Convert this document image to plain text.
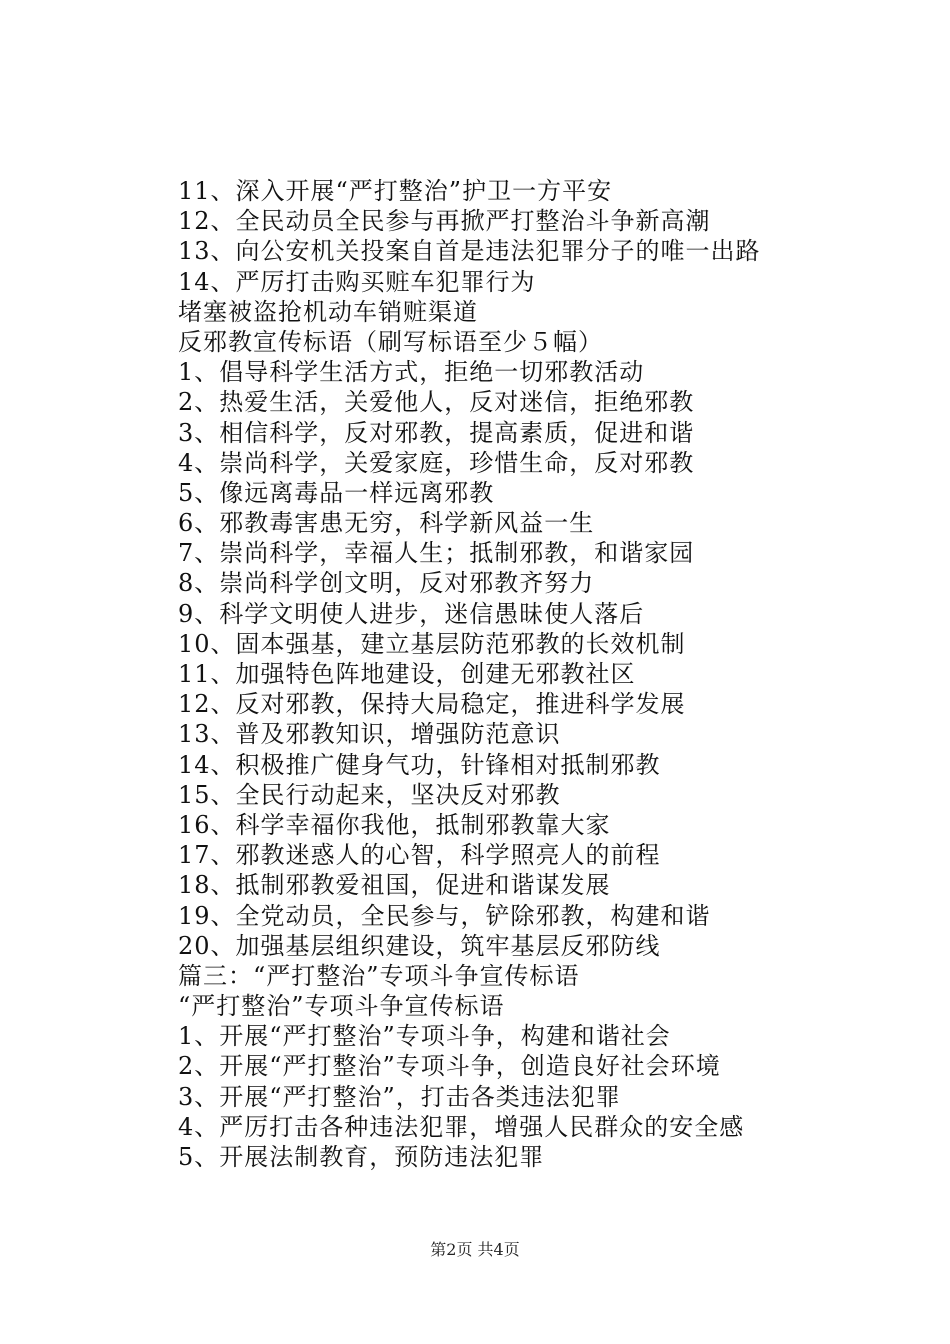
11、深入开展“严打整治”护卫一方平安
12、全民动员全民参与再掀严打整治斗争新高潮
13、向公安机关投案自首是违法犯罪分子的唯一出路
14、严厉打击购买赃车犯罪行为
堵塞被盗抢机动车销赃渠道
反邪教宣传标语（刷写标语至少５幅）
1、倡导科学生活方式，拒绝一切邪教活动
2、热爱生活，关爱他人，反对迷信，拒绝邪教
3、相信科学，反对邪教，提高素质，促进和谐
4、崇尚科学，关爱家庭，珍惜生命，反对邪教
5、像远离毒品一样远离邪教
6、邪教毒害患无穷，科学新风益一生
7、崇尚科学，幸福人生；抵制邪教，和谐家园
8、崇尚科学创文明，反对邪教齐努力
9、科学文明使人进步，迷信愚昧使人落后
10、固本强基，建立基层防范邪教的长效机制
11、加强特色阵地建设，创建无邪教社区
12、反对邪教，保持大局稳定，推进科学发展
13、普及邪教知识，增强防范意识
14、积极推广健身气功，针锋相对抵制邪教
15、全民行动起来，坚决反对邪教
16、科学幸福你我他，抵制邪教靠大家
17、邪教迷惑人的心智，科学照亮人的前程
18、抵制邪教爱祖国，促进和谐谋发展
19、全党动员，全民参与，铲除邪教，构建和谐
20、加强基层组织建设，筑牢基层反邪防线
篇三：“严打整治”专项斗争宣传标语
“严打整治”专项斗争宣传标语
1、开展“严打整治”专项斗争，构建和谐社会
2、开展“严打整治”专项斗争，创造良好社会环境
3、开展“严打整治”，打击各类违法犯罪
4、严厉打击各种违法犯罪，增强人民群众的安全感
5、开展法制教育，预防违法犯罪
第2页 共4页
